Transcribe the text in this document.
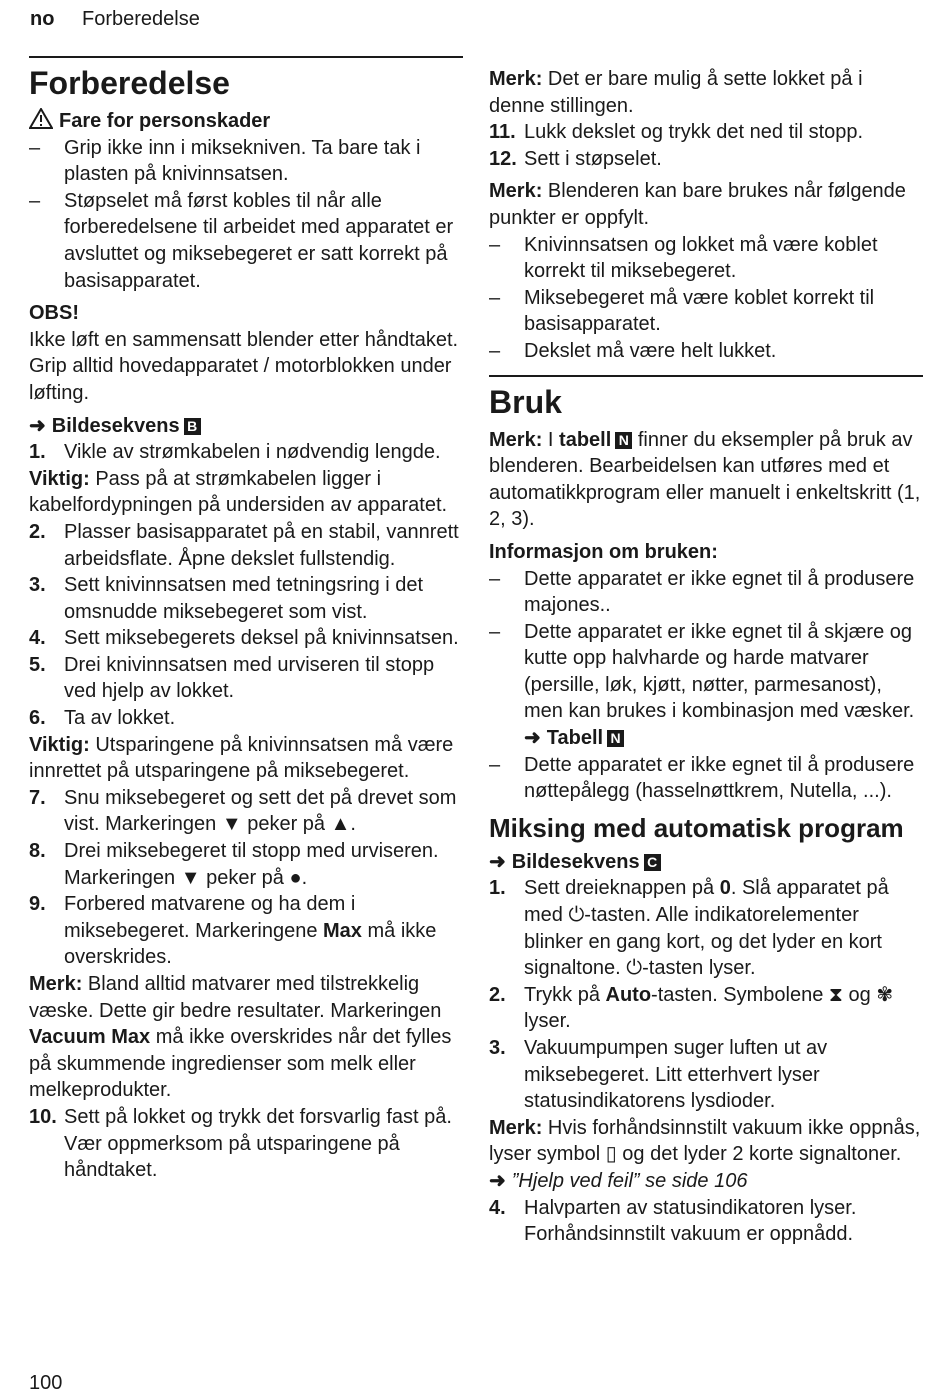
no Forberedelse
Forberedelse

Fare for personskader

–	Grip ikke inn i miksekniven. Ta bare tak i plasten på knivinnsatsen.
–	Støpselet må først kobles til når alle forberedelsene til arbeidet med apparatet er avsluttet og miksebegeret er satt korrekt på basisapparatet.

OBS!

Ikke løft en sammensatt blender etter håndtaket. Grip alltid hovedapparatet / motorblokken under løfting.

➜ Bildesekvens B

1. Vikle av strømkabelen i nødvendig lengde.

Viktig: Pass på at strømkabelen ligger i kabelfordypningen på undersiden av apparatet.

2. Plasser basisapparatet på en stabil, vannrett arbeidsflate. Åpne dekslet fullstendig.
3. Sett knivinnsatsen med tetningsring i det omsnudde miksebegeret som vist.
4. Sett miksebegerets deksel på knivinnsatsen.
5. Drei knivinnsatsen med urviseren til stopp ved hjelp av lokket.
6. Ta av lokket.

Viktig: Utsparingene på knivinnsatsen må være innrettet på utsparingene på miksebegeret.

7. Snu miksebegeret og sett det på drevet som vist. Markeringen ▼ peker på ▲.
8. Drei miksebegeret til stopp med urviseren. Markeringen ▼ peker på ●.
9. Forbered matvarene og ha dem i miksebegeret. Markeringene Max må ikke overskrides.

Merk: Bland alltid matvarer med tilstrekkelig væske. Dette gir bedre resultater. Markeringen Vacuum Max må ikke overskrides når det fylles på skummende ingredienser som melk eller melkeprodukter.

10. Sett på lokket og trykk det forsvarlig fast på. Vær oppmerksom på utsparingene på håndtaket.

Merk: Det er bare mulig å sette lokket på i denne stillingen.

11. Lukk dekslet og trykk det ned til stopp.
12. Sett i støpselet.

Merk: Blenderen kan bare brukes når følgende punkter er oppfylt.

–	Knivinnsatsen og lokket må være koblet korrekt til miksebegeret.
–	Miksebegeret må være koblet korrekt til basisapparatet.
–	Dekslet må være helt lukket.
Bruk

Merk: I tabell N finner du eksempler på bruk av blenderen. Bearbeidelsen kan utføres med et automatikkprogram eller manuelt i enkeltskritt (1, 2, 3).

Informasjon om bruken:

–	Dette apparatet er ikke egnet til å produsere majones..
–	Dette apparatet er ikke egnet til å skjære og kutte opp halvharde og harde matvarer (persille, løk, kjøtt, nøtter, parmesanost), men kan brukes i kombinasjon med væsker. ➜ Tabell N
–	Dette apparatet er ikke egnet til å produsere nøttepålegg (hasselnøttkrem, Nutella, ...).
Miksing med automatisk program

➜ Bildesekvens C

1. Sett dreieknappen på 0. Slå apparatet på med ⏻-tasten. Alle indikatorelementer blinker en gang kort, og det lyder en kort signaltone. ⏻-tasten lyser.
2. Trykk på Auto-tasten. Symbolene ⧗ og ✾ lyser.
3. Vakuumpumpen suger luften ut av miksebegeret. Litt etterhvert lyser statusindikatorens lysdioder.

Merk: Hvis forhåndsinnstilt vakuum ikke oppnås, lyser symbol ▯ og det lyder 2 korte signaltoner. ➜ ”Hjelp ved feil” se side 106

4. Halvparten av statusindikatoren lyser. Forhåndsinnstilt vakuum er oppnådd.
100
